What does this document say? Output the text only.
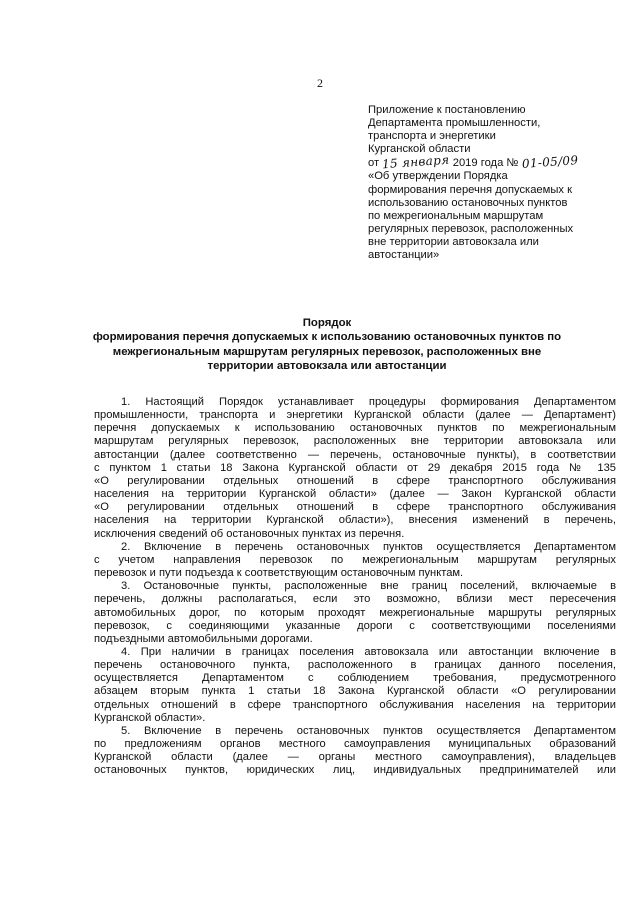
2
Приложение к постановлению
Департамента промышленности,
транспорта и энергетики
Курганской области
от 15 января 2019 года № 01-05/09
«Об утверждении Порядка
формирования перечня допускаемых к
использованию остановочных пунктов
по межрегиональным маршрутам
регулярных перевозок, расположенных
вне территории автовокзала или
автостанции»
Порядок
формирования перечня допускаемых к использованию остановочных пунктов по
межрегиональным маршрутам регулярных перевозок, расположенных вне
территории автовокзала или автостанции

1. Настоящий Порядок устанавливает процедуры формирования Департаментом
промышленности, транспорта и энергетики Курганской области (далее — Департамент)
перечня допускаемых к использованию остановочных пунктов по межрегиональным
маршрутам регулярных перевозок, расположенных вне территории автовокзала или
автостанции (далее соответственно — перечень, остановочные пункты), в соответствии
с пунктом 1 статьи 18 Закона Курганской области от 29 декабря 2015 года № 135
«О регулировании отдельных отношений в сфере транспортного обслуживания
населения на территории Курганской области» (далее — Закон Курганской области
«О регулировании отдельных отношений в сфере транспортного обслуживания
населения на территории Курганской области»), внесения изменений в перечень,
исключения сведений об остановочных пунктах из перечня.

2. Включение в перечень остановочных пунктов осуществляется Департаментом
с учетом направления перевозок по межрегиональным маршрутам регулярных
перевозок и пути подъезда к соответствующим остановочным пунктам.

3. Остановочные пункты, расположенные вне границ поселений, включаемые в
перечень, должны располагаться, если это возможно, вблизи мест пересечения
автомобильных дорог, по которым проходят межрегиональные маршруты регулярных
перевозок, с соединяющими указанные дороги с соответствующими поселениями
подъездными автомобильными дорогами.

4. При наличии в границах поселения автовокзала или автостанции включение в
перечень остановочного пункта, расположенного в границах данного поселения,
осуществляется Департаментом с соблюдением требования, предусмотренного
абзацем вторым пункта 1 статьи 18 Закона Курганской области «О регулировании
отдельных отношений в сфере транспортного обслуживания населения на территории
Курганской области».

5. Включение в перечень остановочных пунктов осуществляется Департаментом
по предложениям органов местного самоуправления муниципальных образований
Курганской области (далее — органы местного самоуправления), владельцев
остановочных пунктов, юридических лиц, индивидуальных предпринимателей или
